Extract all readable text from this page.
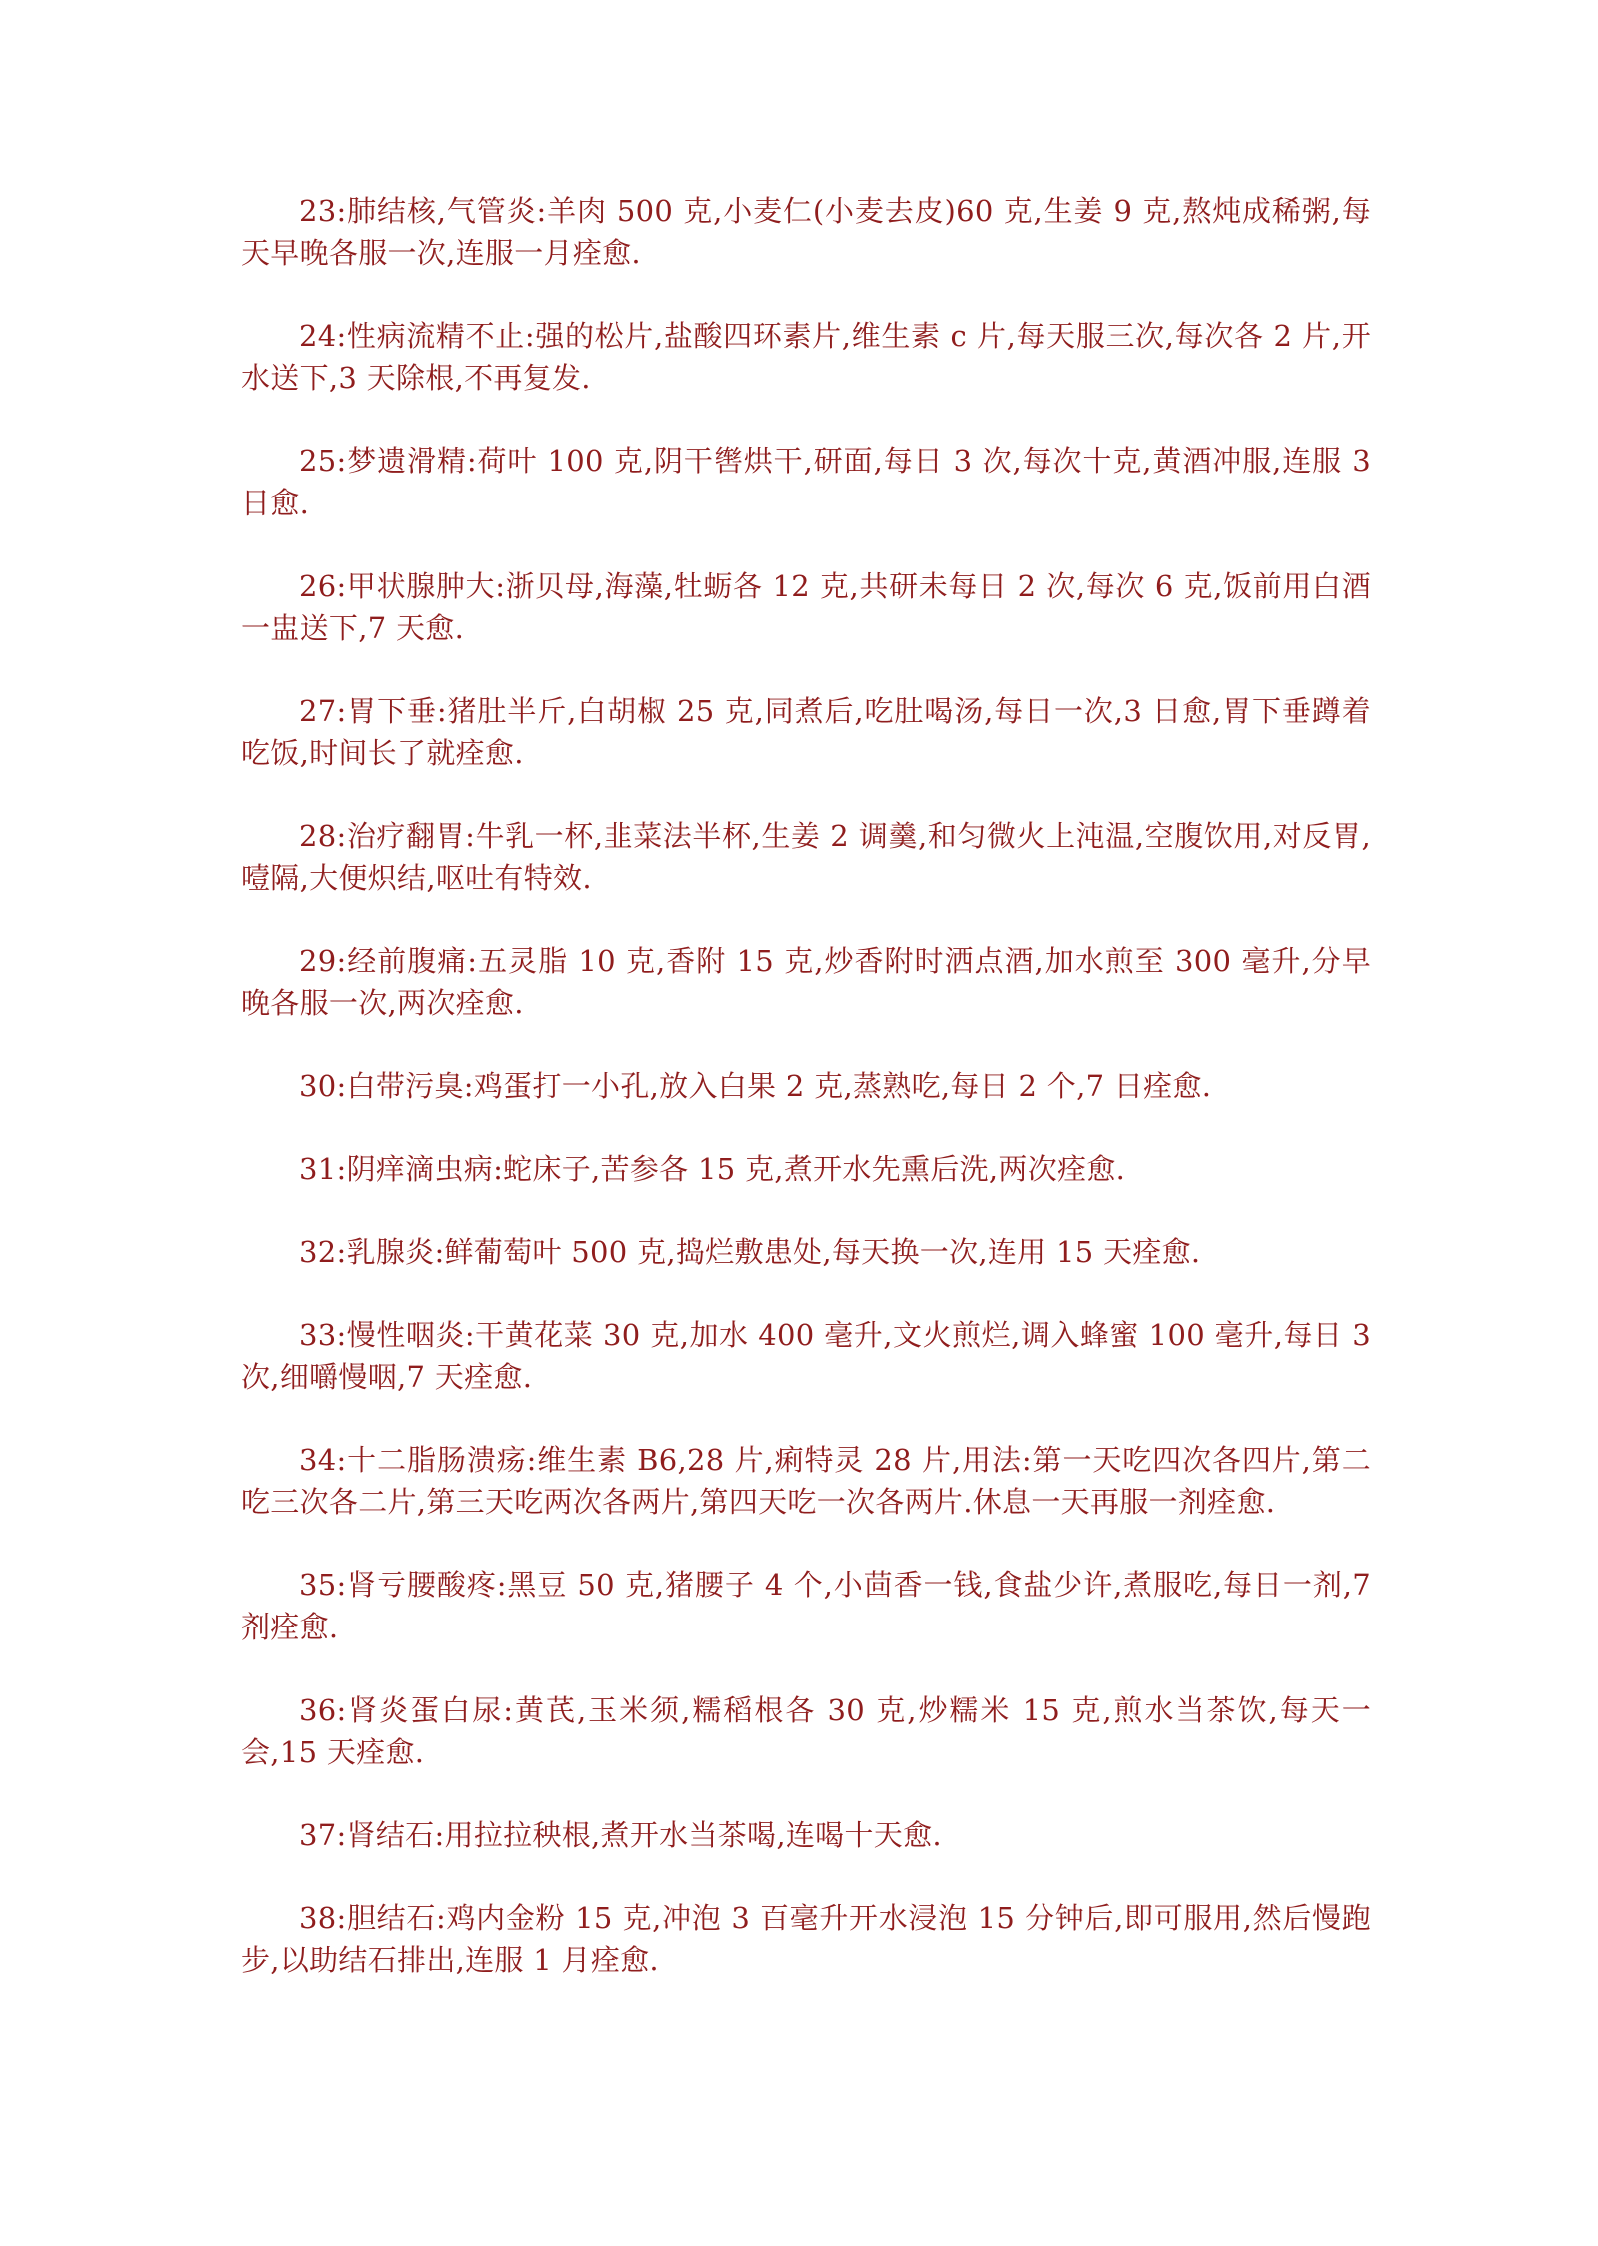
23:肺结核,气管炎:羊肉 500 克,小麦仁(小麦去皮)60 克,生姜 9 克,熬炖成稀粥,每天早晚各服一次,连服一月痊愈.

24:性病流精不止:强的松片,盐酸四环素片,维生素 c 片,每天服三次,每次各 2 片,开水送下,3 天除根,不再复发.

25:梦遗滑精:荷叶 100 克,阴干辔烘干,研面,每日 3 次,每次十克,黄酒冲服,连服 3 日愈.

26:甲状腺肿大:浙贝母,海藻,牡蛎各 12 克,共研未每日 2 次,每次 6 克,饭前用白酒一盅送下,7 天愈.

27:胃下垂:猪肚半斤,白胡椒 25 克,同煮后,吃肚喝汤,每日一次,3 日愈,胃下垂蹲着吃饭,时间长了就痊愈.

28:治疗翻胃:牛乳一杯,韭菜法半杯,生姜 2 调羹,和匀微火上沌温,空腹饮用,对反胃,噎隔,大便炽结,呕吐有特效.

29:经前腹痛:五灵脂 10 克,香附 15 克,炒香附时洒点酒,加水煎至 300 毫升,分早晚各服一次,两次痊愈.

30:白带污臭:鸡蛋打一小孔,放入白果 2 克,蒸熟吃,每日 2 个,7 日痊愈.

31:阴痒滴虫病:蛇床子,苦参各 15 克,煮开水先熏后洗,两次痊愈.

32:乳腺炎:鲜葡萄叶 500 克,捣烂敷患处,每天换一次,连用 15 天痊愈.

33:慢性咽炎:干黄花菜 30 克,加水 400 毫升,文火煎烂,调入蜂蜜 100 毫升,每日 3 次,细嚼慢咽,7 天痊愈.

34:十二脂肠溃疡:维生素 B6,28 片,痢特灵 28 片,用法:第一天吃四次各四片,第二吃三次各二片,第三天吃两次各两片,第四天吃一次各两片.休息一天再服一剂痊愈.

35:肾亏腰酸疼:黑豆 50 克,猪腰子 4 个,小茴香一钱,食盐少许,煮服吃,每日一剂,7 剂痊愈.

36:肾炎蛋白尿:黄芪,玉米须,糯稻根各 30 克,炒糯米 15 克,煎水当茶饮,每天一会,15 天痊愈.

37:肾结石:用拉拉秧根,煮开水当茶喝,连喝十天愈.

38:胆结石:鸡内金粉 15 克,冲泡 3 百毫升开水浸泡 15 分钟后,即可服用,然后慢跑步,以助结石排出,连服 1 月痊愈.
